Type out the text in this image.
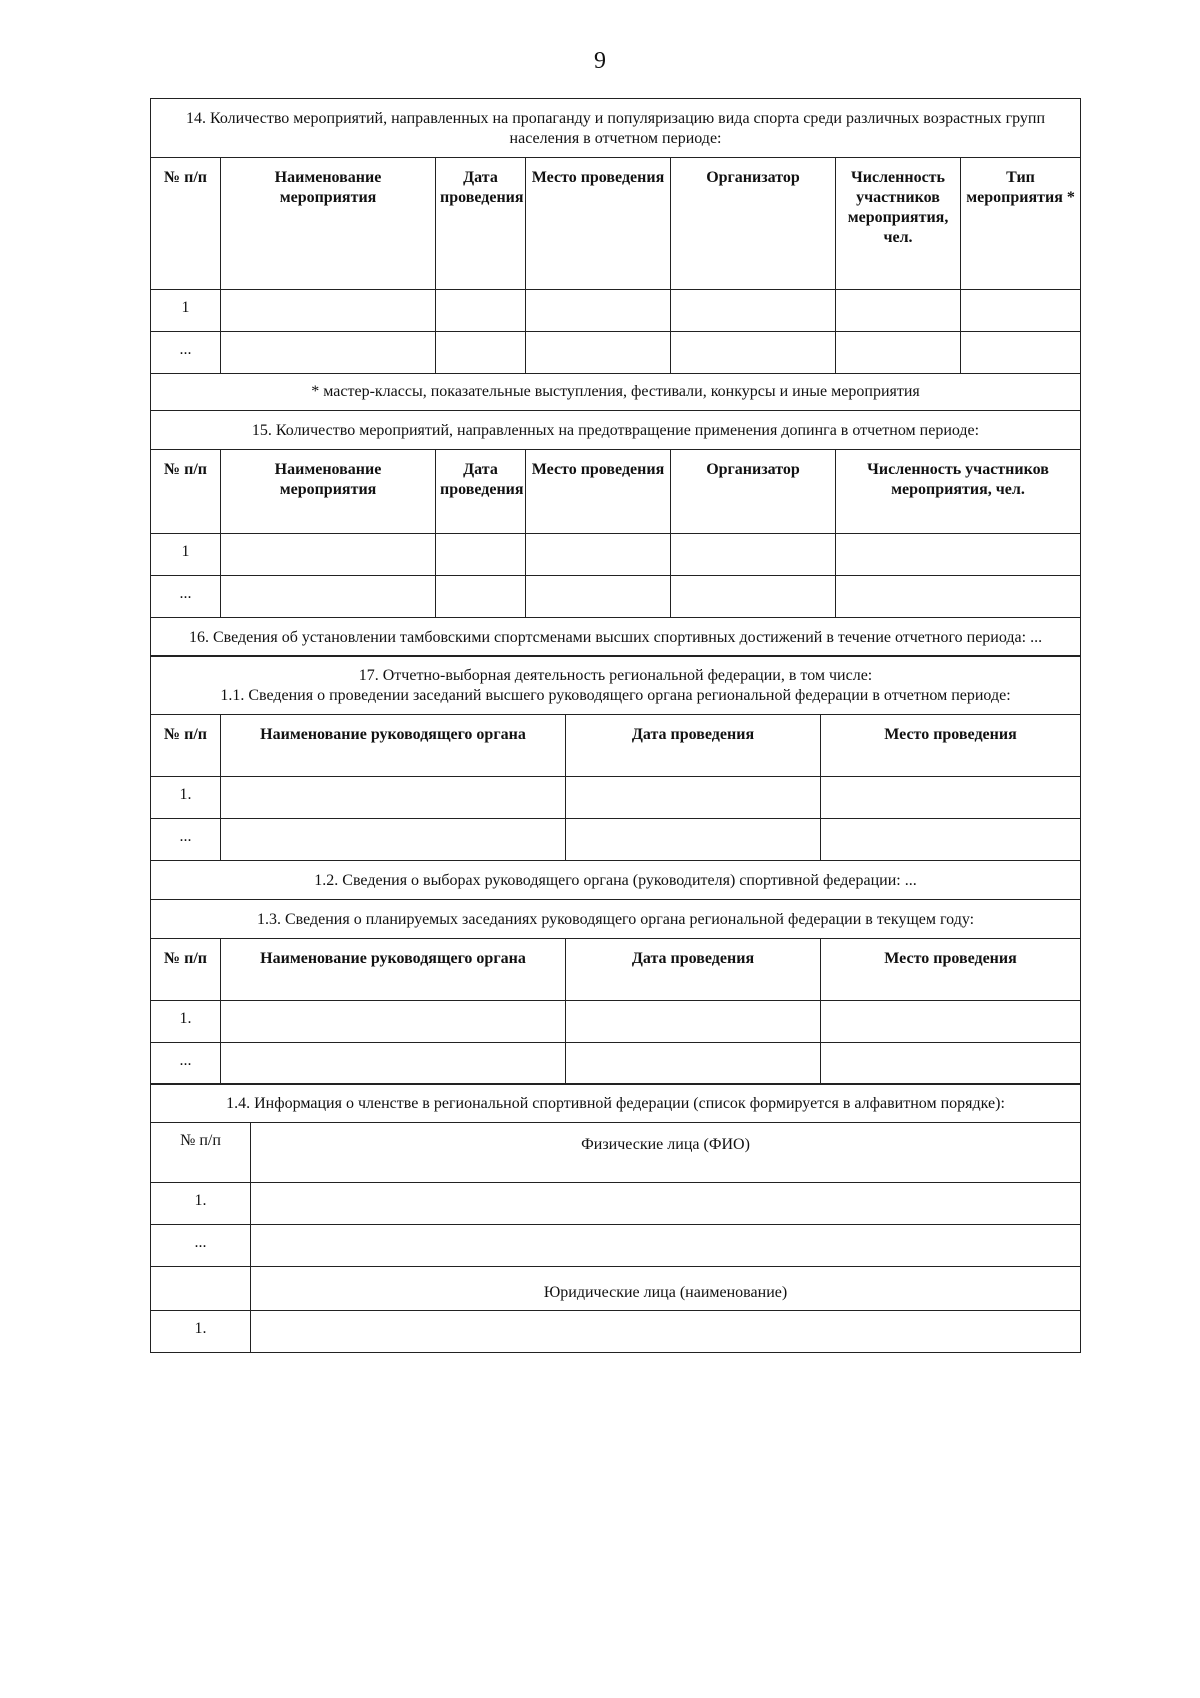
9
14. Количество мероприятий, направленных на пропаганду и популяризацию вида спорта среди различных возрастных групп населения в отчетном периоде:						
№ п/п	Наименование мероприятия	Дата проведения	Место проведения	Организатор	Численность участников мероприятия, чел.	Тип мероприятия *
1						
...						
* мастер-классы, показательные выступления, фестивали, конкурсы и иные мероприятия						
15. Количество мероприятий, направленных на предотвращение применения допинга в отчетном периоде:					
№ п/п	Наименование мероприятия	Дата проведения	Место проведения	Организатор	Численность участников мероприятия, чел.
1					
...					
16. Сведения об установлении тамбовскими спортсменами высших спортивных достижений в течение отчетного периода: ...					
17. Отчетно-выборная деятельность региональной федерации, в том числе:
1.1. Сведения о проведении заседаний высшего руководящего органа региональной федерации в отчетном периоде:			

№ п/п	Наименование руководящего органа	Дата проведения	Место проведения
1.			
...			
1.2. Сведения о выборах руководящего органа (руководителя) спортивной федерации: ...			
1.3. Сведения о планируемых заседаниях руководящего органа региональной федерации в текущем году:			
№ п/п	Наименование руководящего органа	Дата проведения	Место проведения
1.			
...			
1.4. Информация о членстве в региональной спортивной федерации (список формируется в алфавитном порядке):	
№ п/п	Физические лица (ФИО)
1.	
...	
	Юридические лица (наименование)
1.	
